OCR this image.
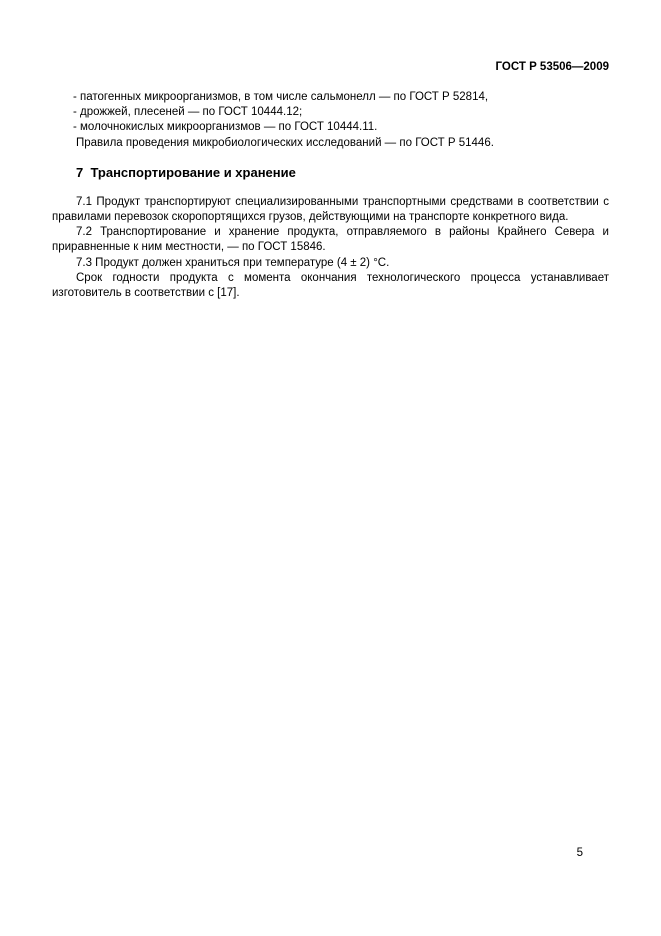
ГОСТ Р 53506—2009

- патогенных микроорганизмов, в том числе сальмонелл — по ГОСТ Р 52814,

- дрожжей, плесеней — по ГОСТ 10444.12;

- молочнокислых микроорганизмов — по ГОСТ 10444.11.

Правила проведения микробиологических исследований — по ГОСТ Р 51446.

7  Транспортирование и хранение

7.1 Продукт транспортируют специализированными транспортными средствами в соответствии с правилами перевозок скоропортящихся грузов, действующими на транспорте конкретного вида.

7.2 Транспортирование и хранение продукта, отправляемого в районы Крайнего Севера и приравненные к ним местности, — по ГОСТ 15846.

7.3 Продукт должен храниться при температуре (4 ± 2) °С.

Срок годности продукта с момента окончания технологического процесса устанавливает изготовитель в соответствии с [17].

5
